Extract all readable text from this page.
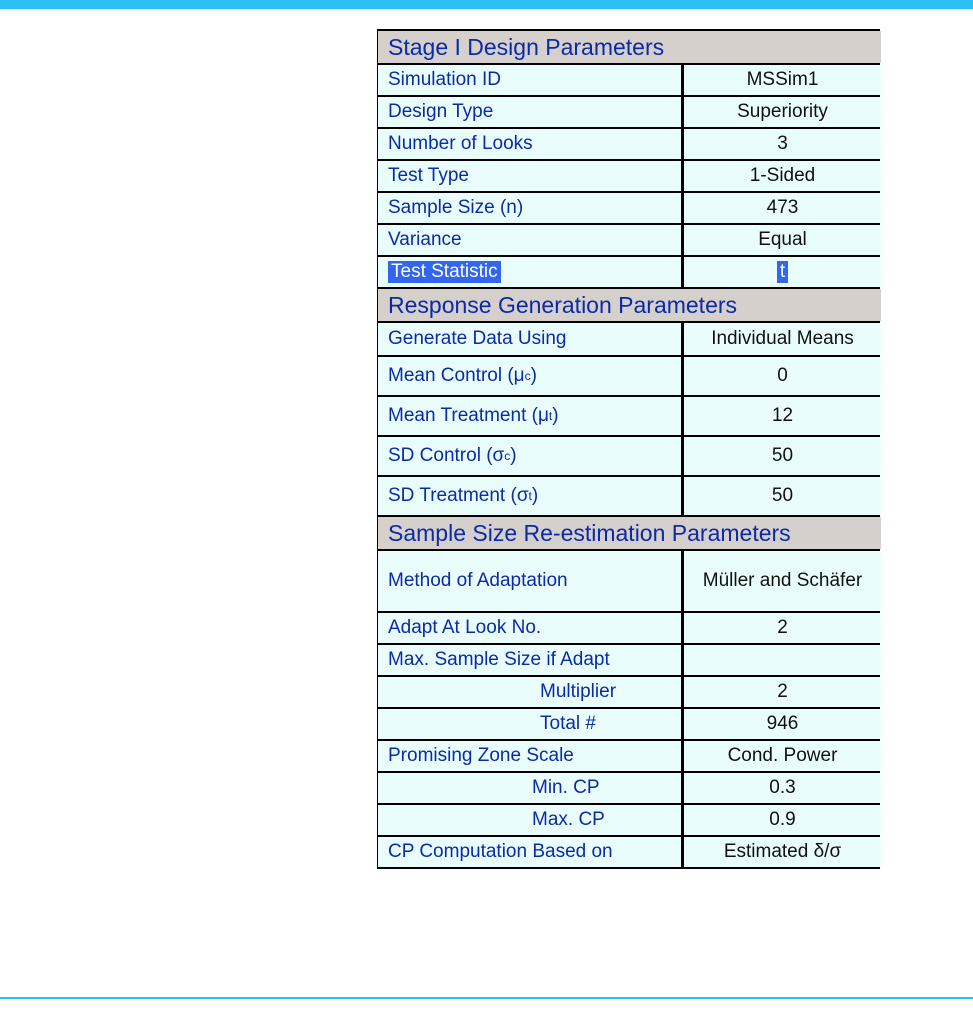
Stage I Design Parameters
Simulation ID	MSSim1
Design Type	Superiority
Number of Looks	3
Test Type	1-Sided
Sample Size (n)	473
Variance	Equal
Test Statistic	t
Response Generation Parameters
Generate Data Using	Individual Means
Mean Control (μ c )	0
Mean Treatment (μ t )	12
SD Control (σ c )	50
SD Treatment (σ t )	50
Sample Size Re-estimation Parameters
Method of Adaptation	Müller and Schäfer
Adapt At Look No.	2
Max. Sample Size if Adapt
Multiplier	2
Total #	946
Promising Zone Scale	Cond. Power
Min. CP	0.3
Max. CP	0.9
CP Computation Based on	Estimated δ/σ
